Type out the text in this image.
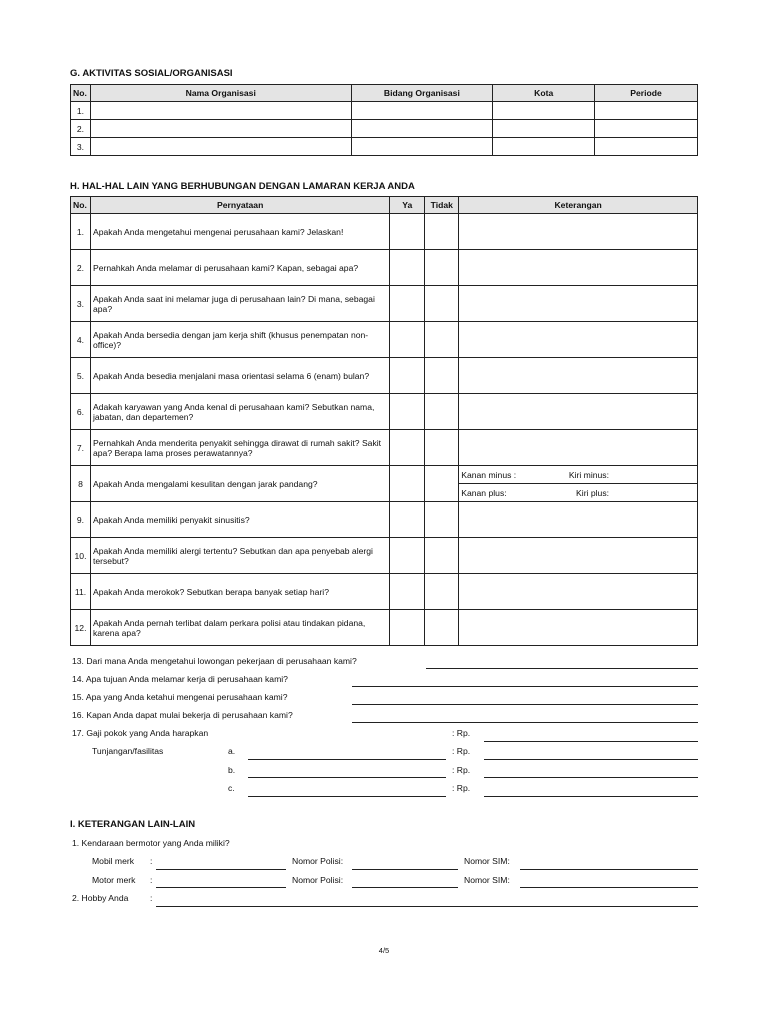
G. AKTIVITAS SOSIAL/ORGANISASI
No.	Nama Organisasi	Bidang Organisasi	Kota	Periode
1.				
2.				
3.				
H. HAL-HAL LAIN YANG BERHUBUNGAN DENGAN LAMARAN KERJA ANDA
No.	Pernyataan	Ya	Tidak	Keterangan
1.	Apakah Anda mengetahui mengenai perusahaan kami? Jelaskan!			
2.	Pernahkah Anda melamar di perusahaan kami? Kapan, sebagai apa?			
3.	Apakah Anda saat ini melamar juga di perusahaan lain? Di mana, sebagai apa?			
4.	Apakah Anda bersedia dengan jam kerja shift (khusus penempatan non-office)?			
5.	Apakah Anda besedia menjalani masa orientasi selama 6 (enam) bulan?			
6.	Adakah karyawan yang Anda kenal di perusahaan kami? Sebutkan nama, jabatan, dan departemen?			
7.	Pernahkah Anda menderita penyakit sehingga dirawat di rumah sakit? Sakit apa? Berapa lama proses perawatannya?			
8	Apakah Anda mengalami kesulitan dengan jarak pandang?			Kanan minus : Kiri minus:

				Kanan plus: Kiri plus:

9.	Apakah Anda memiliki penyakit sinusitis?			
10.	Apakah Anda memiliki alergi tertentu? Sebutkan dan apa penyebab alergi tersebut?			
11.	Apakah Anda merokok? Sebutkan berapa banyak setiap hari?			
12.	Apakah Anda pernah terlibat dalam perkara polisi atau tindakan pidana, karena apa?			
13. Dari mana Anda mengetahui lowongan pekerjaan di perusahaan kami?
14. Apa tujuan Anda melamar kerja di perusahaan kami?
15. Apa yang Anda ketahui mengenai perusahaan kami?
16. Kapan Anda dapat mulai bekerja di perusahaan kami?
17. Gaji pokok yang Anda harapkan	: Rp.
Tunjangan/fasilitas	a.	: Rp.
b.	: Rp.
c.	: Rp.
I. KETERANGAN LAIN-LAIN
1. Kendaraan bermotor yang Anda miliki?
Mobil merk :	Nomor Polisi:	Nomor SIM:
Motor merk :	Nomor Polisi:	Nomor SIM:
2. Hobby Anda	:
4/5
